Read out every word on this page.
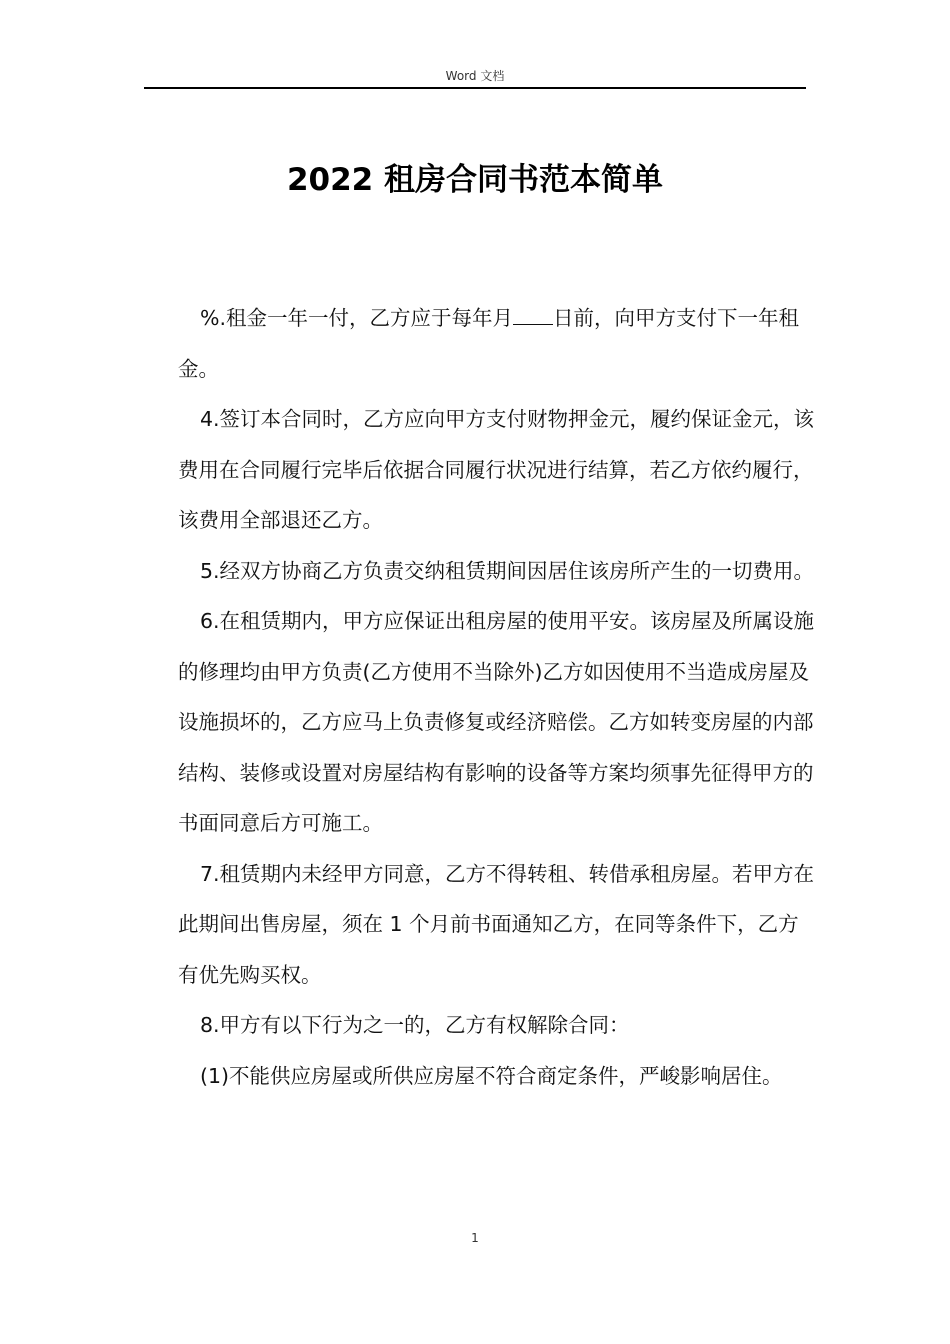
Word 文档
2022 租房合同书范本简单

%.租金一年一付，乙方应于每年月 日前，向甲方支付下一年租金。

4.签订本合同时，乙方应向甲方支付财物押金元，履约保证金元，该费用在合同履行完毕后依据合同履行状况进行结算，若乙方依约履行，该费用全部退还乙方。

5.经双方协商乙方负责交纳租赁期间因居住该房所产生的一切费用。

6.在租赁期内，甲方应保证出租房屋的使用平安。该房屋及所属设施的修理均由甲方负责(乙方使用不当除外)乙方如因使用不当造成房屋及设施损坏的，乙方应马上负责修复或经济赔偿。乙方如转变房屋的内部结构、装修或设置对房屋结构有影响的设备等方案均须事先征得甲方的书面同意后方可施工。

7.租赁期内未经甲方同意，乙方不得转租、转借承租房屋。若甲方在此期间出售房屋，须在 1 个月前书面通知乙方，在同等条件下，乙方有优先购买权。

8.甲方有以下行为之一的，乙方有权解除合同：

(1)不能供应房屋或所供应房屋不符合商定条件，严峻影响居住。

1
